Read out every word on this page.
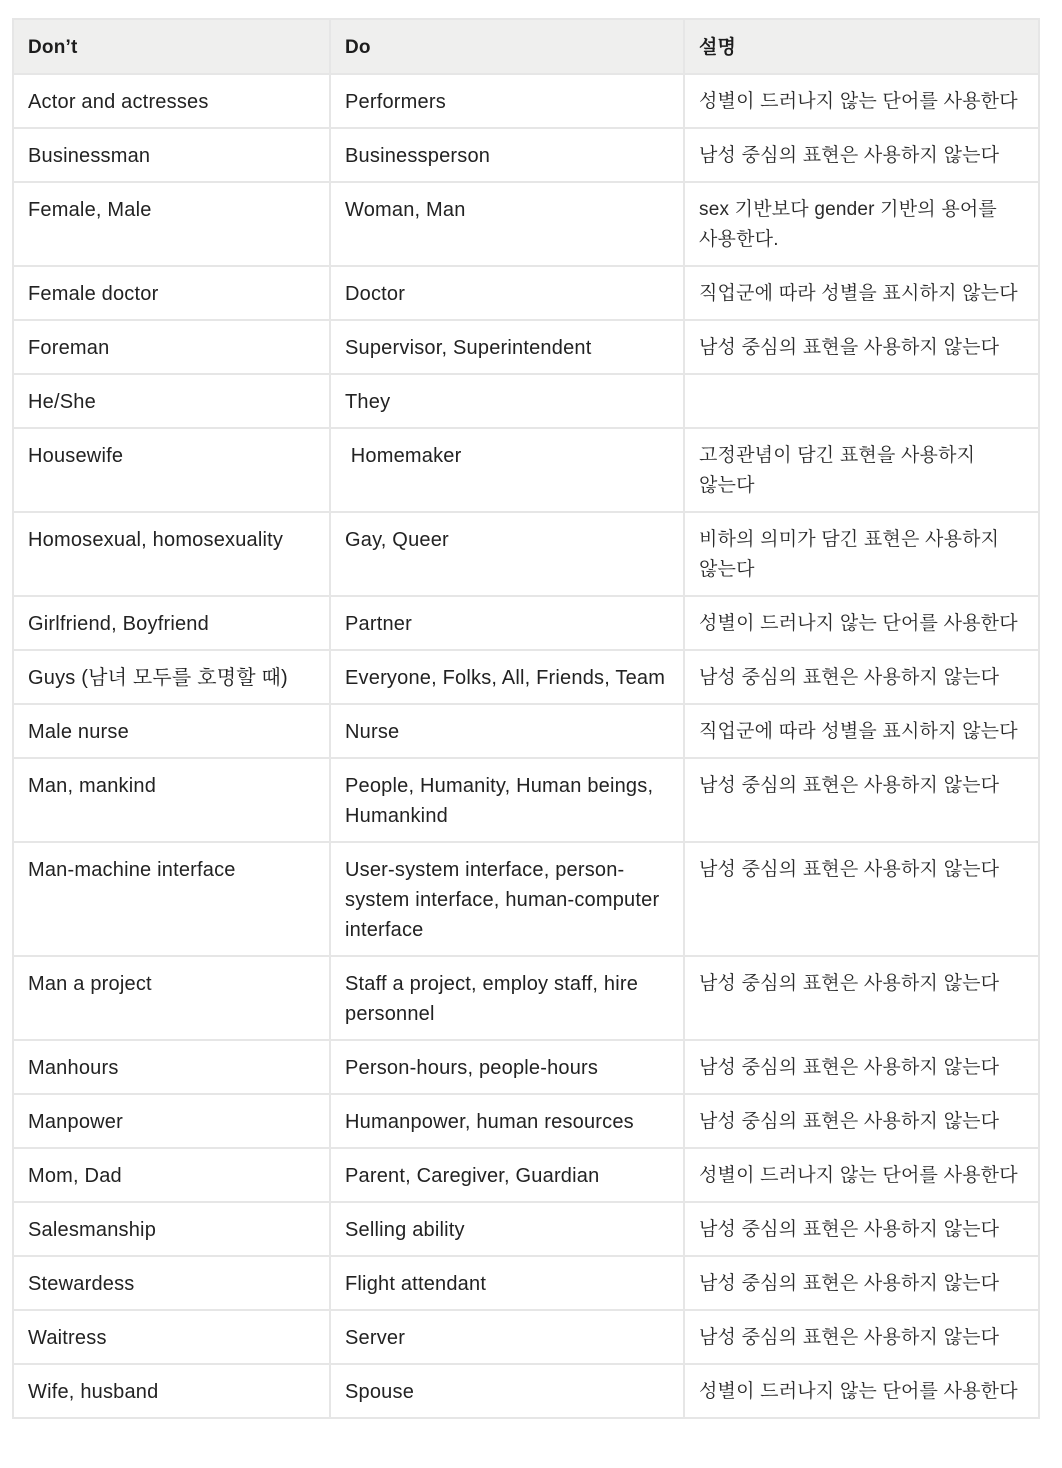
Don’t	Do	설명
Actor and actresses	Performers	성별이 드러나지 않는 단어를 사용한다
Businessman	Businessperson	남성 중심의 표현은 사용하지 않는다
Female, Male	Woman, Man	sex 기반보다 gender 기반의 용어를 사용한다.
Female doctor	Doctor	직업군에 따라 성별을 표시하지 않는다
Foreman	Supervisor, Superintendent	남성 중심의 표현을 사용하지 않는다
He/She	They	
Housewife	Homemaker	고정관념이 담긴 표현을 사용하지 않는다
Homosexual, homosexuality	Gay, Queer	비하의 의미가 담긴 표현은 사용하지 않는다
Girlfriend, Boyfriend	Partner	성별이 드러나지 않는 단어를 사용한다
Guys (남녀 모두를 호명할 때)	Everyone, Folks, All, Friends, Team	남성 중심의 표현은 사용하지 않는다
Male nurse	Nurse	직업군에 따라 성별을 표시하지 않는다
Man, mankind	People, Humanity, Human beings, Humankind	남성 중심의 표현은 사용하지 않는다
Man-machine interface	User-system interface, person-system interface, human-computer interface	남성 중심의 표현은 사용하지 않는다
Man a project	Staff a project, employ staff, hire personnel	남성 중심의 표현은 사용하지 않는다
Manhours	Person-hours, people-hours	남성 중심의 표현은 사용하지 않는다
Manpower	Humanpower, human resources	남성 중심의 표현은 사용하지 않는다
Mom, Dad	Parent, Caregiver, Guardian	성별이 드러나지 않는 단어를 사용한다
Salesmanship	Selling ability	남성 중심의 표현은 사용하지 않는다
Stewardess	Flight attendant	남성 중심의 표현은 사용하지 않는다
Waitress	Server	남성 중심의 표현은 사용하지 않는다
Wife, husband	Spouse	성별이 드러나지 않는 단어를 사용한다
